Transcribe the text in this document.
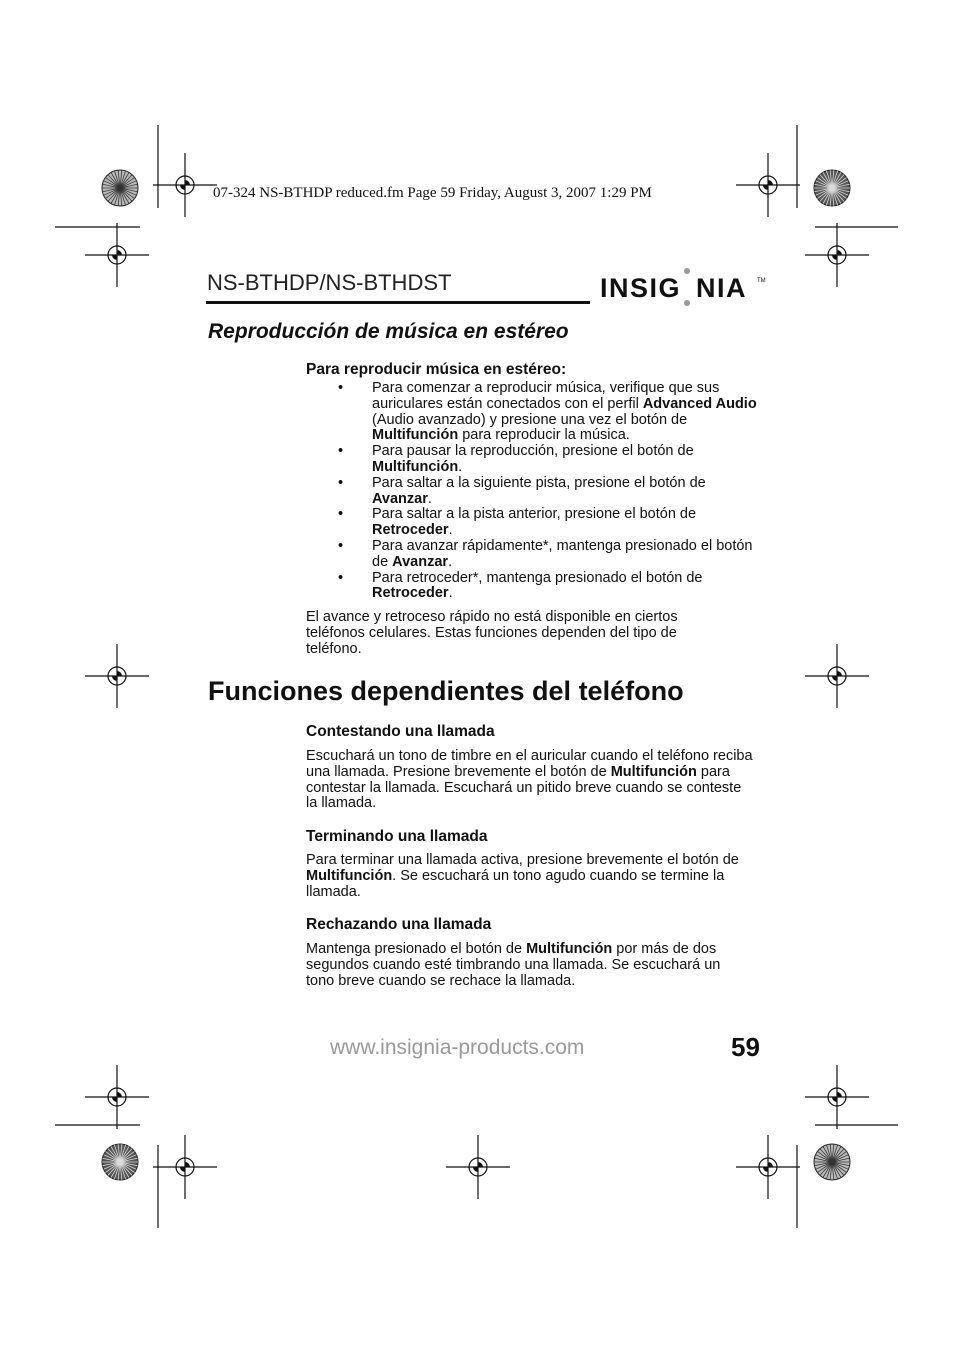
07-324 NS-BTHDP reduced.fm Page 59 Friday, August 3, 2007 1:29 PM
NS-BTHDP/NS-BTHDST	INSIG NIA TM
Reproducción de música en estéreo
Para reproducir música en estéreo:
• Para comenzar a reproducir música, verifique que sus auriculares están conectados con el perfil Advanced Audio (Audio avanzado) y presione una vez el botón de Multifunción para reproducir la música.
• Para pausar la reproducción, presione el botón de Multifunción.
• Para saltar a la siguiente pista, presione el botón de Avanzar.
• Para saltar a la pista anterior, presione el botón de Retroceder.
• Para avanzar rápidamente*, mantenga presionado el botón de Avanzar.
• Para retroceder*, mantenga presionado el botón de Retroceder.
El avance y retroceso rápido no está disponible en ciertos teléfonos celulares. Estas funciones dependen del tipo de teléfono.
Funciones dependientes del teléfono
Contestando una llamada
Escuchará un tono de timbre en el auricular cuando el teléfono reciba una llamada. Presione brevemente el botón de Multifunción para contestar la llamada. Escuchará un pitido breve cuando se conteste la llamada.
Terminando una llamada
Para terminar una llamada activa, presione brevemente el botón de Multifunción. Se escuchará un tono agudo cuando se termine la llamada.
Rechazando una llamada
Mantenga presionado el botón de Multifunción por más de dos segundos cuando esté timbrando una llamada. Se escuchará un tono breve cuando se rechace la llamada.
www.insignia-products.com	59
